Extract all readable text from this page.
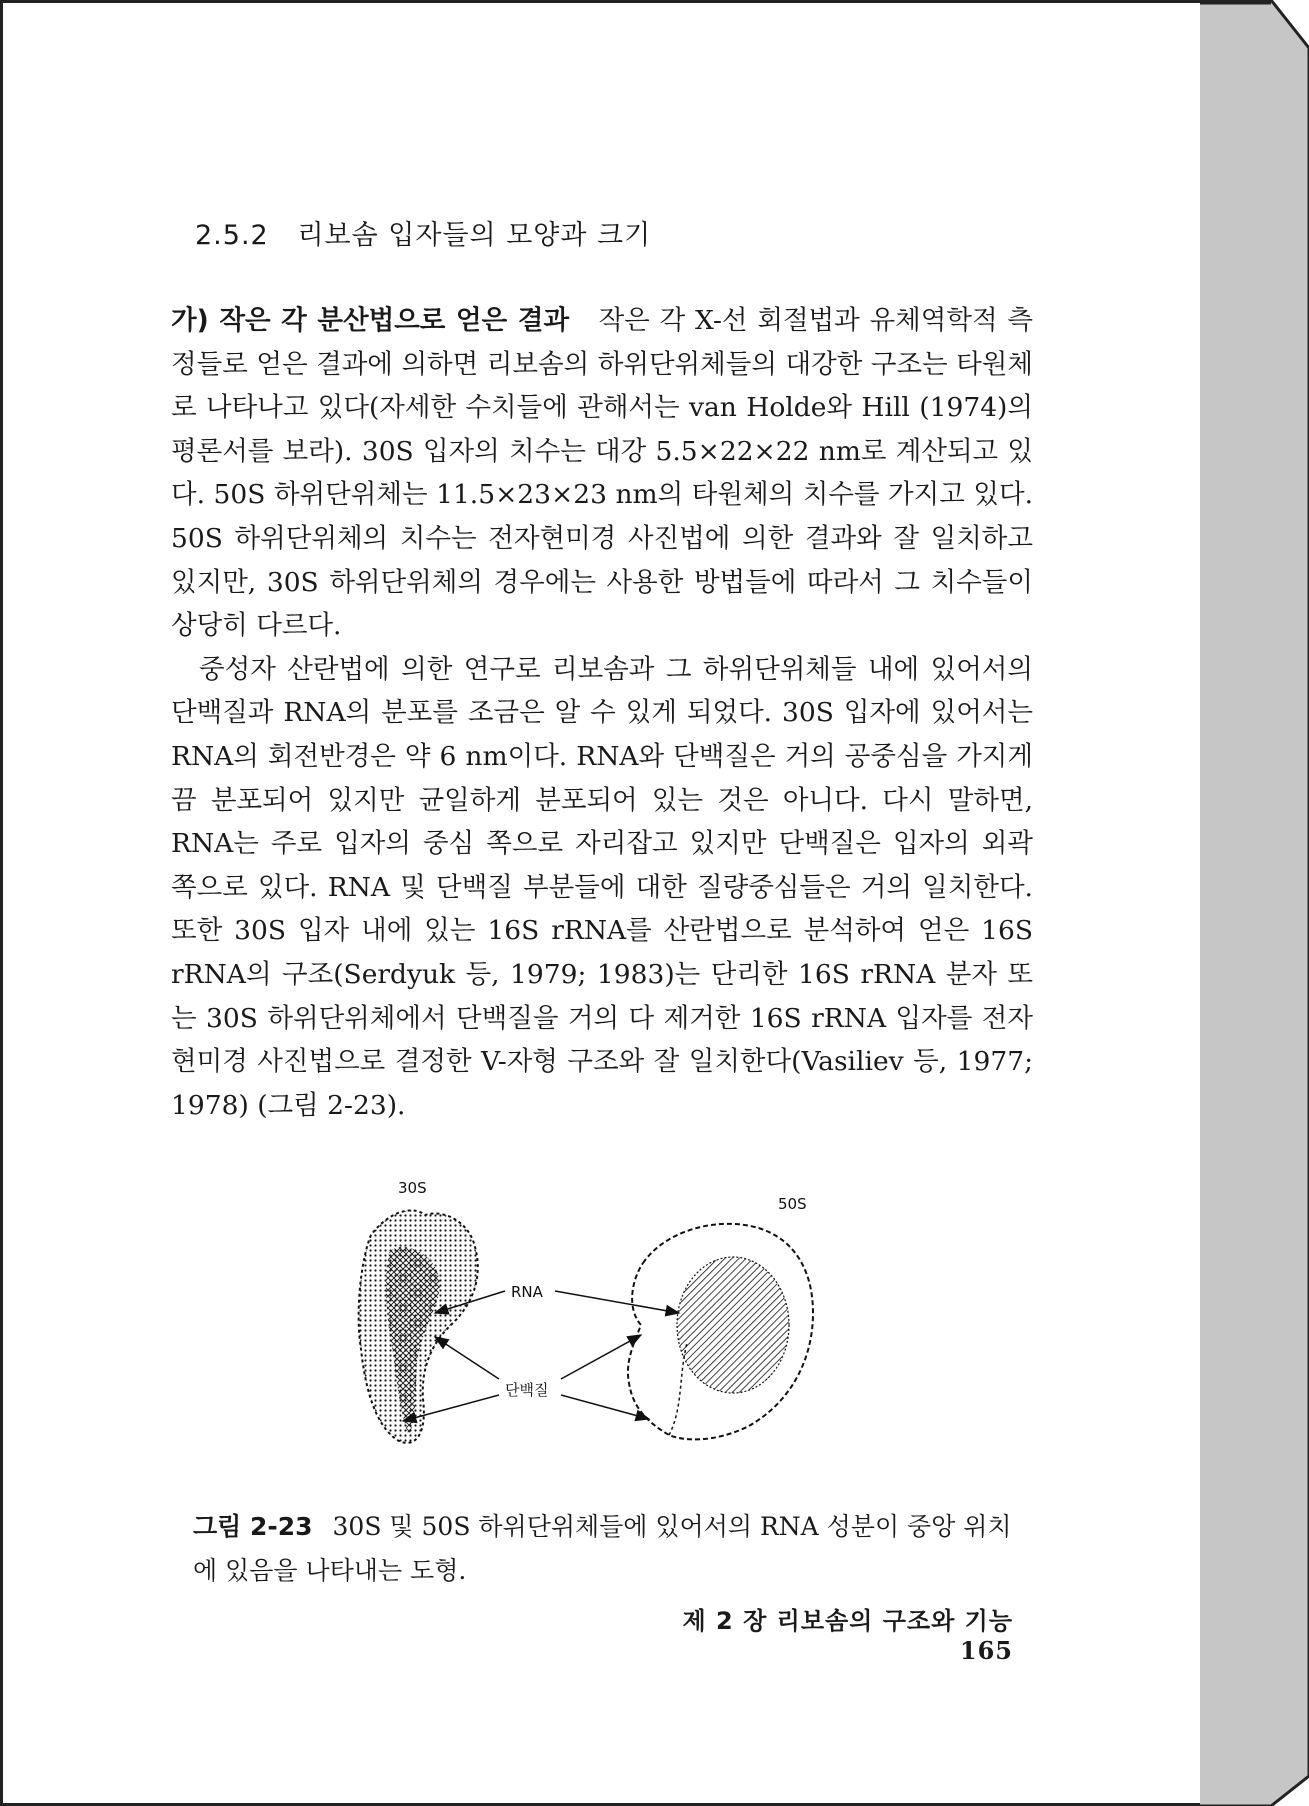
2.5.2 리보솜 입자들의 모양과 크기

가) 작은 각 분산법으로 얻은 결과 작은 각 X-선 회절법과 유체역학적 측정들로 얻은 결과에 의하면 리보솜의 하위단위체들의 대강한 구조는 타원체로 나타나고 있다(자세한 수치들에 관해서는 van Holde와 Hill (1974)의 평론서를 보라). 30S 입자의 치수는 대강 5.5×22×22 nm로 계산되고 있다. 50S 하위단위체는 11.5×23×23 nm의 타원체의 치수를 가지고 있다. 50S 하위단위체의 치수는 전자현미경 사진법에 의한 결과와 잘 일치하고 있지만, 30S 하위단위체의 경우에는 사용한 방법들에 따라서 그 치수들이 상당히 다르다.

중성자 산란법에 의한 연구로 리보솜과 그 하위단위체들 내에 있어서의 단백질과 RNA의 분포를 조금은 알 수 있게 되었다. 30S 입자에 있어서는 RNA의 회전반경은 약 6 nm이다. RNA와 단백질은 거의 공중심을 가지게끔 분포되어 있지만 균일하게 분포되어 있는 것은 아니다. 다시 말하면, RNA는 주로 입자의 중심 쪽으로 자리잡고 있지만 단백질은 입자의 외곽 쪽으로 있다. RNA 및 단백질 부분들에 대한 질량중심들은 거의 일치한다. 또한 30S 입자 내에 있는 16S rRNA를 산란법으로 분석하여 얻은 16S rRNA의 구조(Serdyuk 등, 1979; 1983)는 단리한 16S rRNA 분자 또는 30S 하위단위체에서 단백질을 거의 다 제거한 16S rRNA 입자를 전자현미경 사진법으로 결정한 V-자형 구조와 잘 일치한다(Vasiliev 등, 1977; 1978) (그림 2-23).

30S
50S
RNA
단백질
그림 2-23 30S 및 50S 하위단위체들에 있어서의 RNA 성분이 중앙 위치에 있음을 나타내는 도형.
제 2 장 리보솜의 구조와 기능 165
